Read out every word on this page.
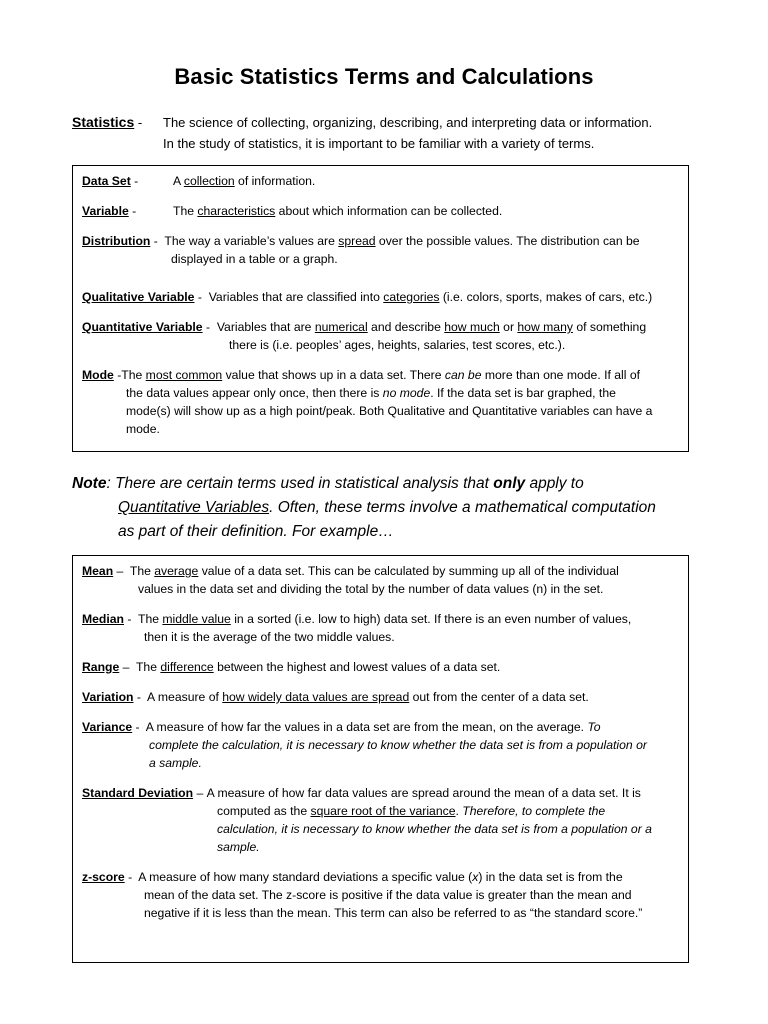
Basic Statistics Terms and Calculations
Statistics -	The science of collecting, organizing, describing, and interpreting data or information.
In the study of statistics, it is important to be familiar with a variety of terms.
Data Set -	A collection of information.
Variable -	The characteristics about which information can be collected.
Distribution - The way a variable’s values are spread over the possible values. The distribution can be
displayed in a table or a graph.
Qualitative Variable - Variables that are classified into categories (i.e. colors, sports, makes of cars, etc.)
Quantitative Variable - Variables that are numerical and describe how much or how many of something
there is (i.e. peoples’ ages, heights, salaries, test scores, etc.).
Mode -The most common value that shows up in a data set. There can be more than one mode. If all of
the data values appear only once, then there is no mode. If the data set is bar graphed, the
mode(s) will show up as a high point/peak. Both Qualitative and Quantitative variables can have a
mode.
Note: There are certain terms used in statistical analysis that only apply to
Quantitative Variables. Often, these terms involve a mathematical computation
as part of their definition. For example…
Mean – The average value of a data set. This can be calculated by summing up all of the individual
values in the data set and dividing the total by the number of data values (n) in the set.
Median - The middle value in a sorted (i.e. low to high) data set. If there is an even number of values,
then it is the average of the two middle values.
Range – The difference between the highest and lowest values of a data set.
Variation - A measure of how widely data values are spread out from the center of a data set.
Variance - A measure of how far the values in a data set are from the mean, on the average. To
complete the calculation, it is necessary to know whether the data set is from a population or
a sample.
Standard Deviation – A measure of how far data values are spread around the mean of a data set. It is
computed as the square root of the variance. Therefore, to complete the
calculation, it is necessary to know whether the data set is from a population or a
sample.
z-score - A measure of how many standard deviations a specific value (x) in the data set is from the
mean of the data set. The z-score is positive if the data value is greater than the mean and
negative if it is less than the mean. This term can also be referred to as “the standard score.”
